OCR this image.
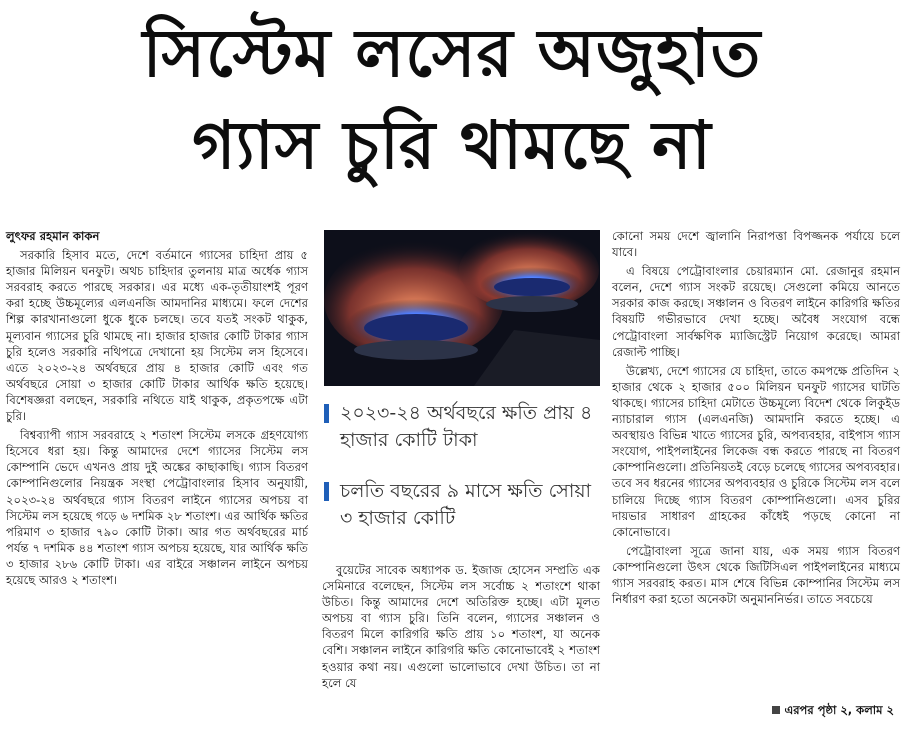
সিস্টেম লসের অজুহাত
গ্যাস চুরি থামছে না

লুৎফর রহমান কাকন

সরকারি হিসাব মতে, দেশে বর্তমানে গ্যাসের চাহিদা প্রায় ৫ হাজার মিলিয়ন ঘনফুট। অথচ চাহিদার তুলনায় মাত্র অর্ধেক গ্যাস সরবরাহ করতে পারছে সরকার। এর মধ্যে এক-তৃতীয়াংশই পূরণ করা হচ্ছে উচ্চমূল্যের এলএনজি আমদানির মাধ্যমে। ফলে দেশের শিল্প কারখানাগুলো ধুকে ধুকে চলছে। তবে যতই সংকট থাকুক, মূল্যবান গ্যাসের চুরি থামছে না। হাজার হাজার কোটি টাকার গ্যাস চুরি হলেও সরকারি নথিপত্রে দেখানো হয় সিস্টেম লস হিসেবে। এতে ২০২৩-২৪ অর্থবছরে প্রায় ৪ হাজার কোটি এবং গত অর্থবছরে সোয়া ৩ হাজার কোটি টাকার আর্থিক ক্ষতি হয়েছে। বিশেষজ্ঞরা বলছেন, সরকারি নথিতে যাই থাকুক, প্রকৃতপক্ষে এটা চুরি।

বিশ্বব্যাপী গ্যাস সরবরাহে ২ শতাংশ সিস্টেম লসকে গ্রহণযোগ্য হিসেবে ধরা হয়। কিন্তু আমাদের দেশে গ্যাসের সিস্টেম লস কোম্পানি ভেদে এখনও প্রায় দুই অঙ্কের কাছাকাছি। গ্যাস বিতরণ কোম্পানিগুলোর নিয়ন্ত্রক সংস্থা পেট্রোবাংলার হিসাব অনুযায়ী, ২০২৩-২৪ অর্থবছরে গ্যাস বিতরণ লাইনে গ্যাসের অপচয় বা সিস্টেম লস হয়েছে গড়ে ৬ দশমিক ২৮ শতাংশ। এর আর্থিক ক্ষতির পরিমাণ ৩ হাজার ৭৯০ কোটি টাকা। আর গত অর্থবছরের মার্চ পর্যন্ত ৭ দশমিক ৪৪ শতাংশ গ্যাস অপচয় হয়েছে, যার আর্থিক ক্ষতি ৩ হাজার ২৮৬ কোটি টাকা। এর বাইরে সঞ্চালন লাইনে অপচয় হয়েছে আরও ২ শতাংশ।

২০২৩-২৪ অর্থবছরে ক্ষতি প্রায় ৪ হাজার কোটি টাকা
চলতি বছরের ৯ মাসে ক্ষতি সোয়া ৩ হাজার কোটি

বুয়েটের সাবেক অধ্যাপক ড. ইজাজ হোসেন সম্প্রতি এক সেমিনারে বলেছেন, সিস্টেম লস সর্বোচ্চ ২ শতাংশে থাকা উচিত। কিন্তু আমাদের দেশে অতিরিক্ত হচ্ছে। এটা মূলত অপচয় বা গ্যাস চুরি। তিনি বলেন, গ্যাসের সঞ্চালন ও বিতরণ মিলে কারিগরি ক্ষতি প্রায় ১০ শতাংশ, যা অনেক বেশি। সঞ্চালন লাইনে কারিগরি ক্ষতি কোনোভাবেই ২ শতাংশ হওয়ার কথা নয়। এগুলো ভালোভাবে দেখা উচিত। তা না হলে যে

কোনো সময় দেশে জ্বালানি নিরাপত্তা বিপজ্জনক পর্যায়ে চলে যাবে।

এ বিষয়ে পেট্রোবাংলার চেয়ারম্যান মো. রেজানুর রহমান বলেন, দেশে গ্যাস সংকট রয়েছে। সেগুলো কমিয়ে আনতে সরকার কাজ করছে। সঞ্চালন ও বিতরণ লাইনে কারিগরি ক্ষতির বিষয়টি গভীরভাবে দেখা হচ্ছে। অবৈধ সংযোগ বন্ধে পেট্রোবাংলা সার্বক্ষণিক ম্যাজিস্ট্রেট নিয়োগ করেছে। আমরা রেজাল্ট পাচ্ছি।

উল্লেখ্য, দেশে গ্যাসের যে চাহিদা, তাতে কমপক্ষে প্রতিদিন ২ হাজার থেকে ২ হাজার ৫০০ মিলিয়ন ঘনফুট গ্যাসের ঘাটতি থাকছে। গ্যাসের চাহিদা মেটাতে উচ্চমূল্যে বিদেশ থেকে লিকুইড ন্যাচারাল গ্যাস (এলএনজি) আমদানি করতে হচ্ছে। এ অবস্থায়ও বিভিন্ন খাতে গ্যাসের চুরি, অপব্যবহার, বাইপাস গ্যাস সংযোগ, পাইপলাইনের লিকেজ বন্ধ করতে পারছে না বিতরণ কোম্পানিগুলো। প্রতিনিয়তই বেড়ে চলেছে গ্যাসের অপব্যবহার। তবে সব ধরনের গ্যাসের অপব্যবহার ও চুরিকে সিস্টেম লস বলে চালিয়ে দিচ্ছে গ্যাস বিতরণ কোম্পানিগুলো। এসব চুরির দায়ভার সাধারণ গ্রাহকের কাঁধেই পড়ছে কোনো না কোনোভাবে।

পেট্রোবাংলা সূত্রে জানা যায়, এক সময় গ্যাস বিতরণ কোম্পানিগুলো উৎস থেকে জিটিসিএল পাইপলাইনের মাধ্যমে গ্যাস সরবরাহ করত। মাস শেষে বিভিন্ন কোম্পানির সিস্টেম লস নির্ধারণ করা হতো অনেকটা অনুমাননির্ভর। তাতে সবচেয়ে

এরপর পৃষ্ঠা ২, কলাম ২
